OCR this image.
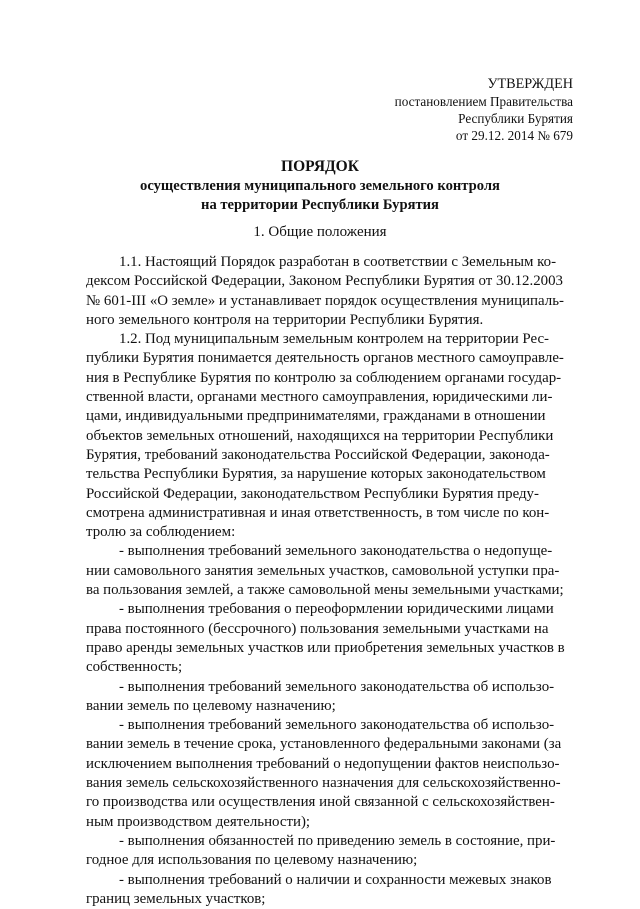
УТВЕРЖДЕН
постановлением Правительства
Республики Бурятия
от 29.12. 2014 № 679
ПОРЯДОК
осуществления муниципального земельного контроля
на территории Республики Бурятия
1. Общие положения

1.1. Настоящий Порядок разработан в соответствии с Земельным ко-
дексом Российской Федерации, Законом Республики Бурятия от 30.12.2003
№ 601-III «О земле» и устанавливает порядок осуществления муниципаль-
ного земельного контроля на территории Республики Бурятия.

1.2. Под муниципальным земельным контролем на территории Рес-
публики Бурятия понимается деятельность органов местного самоуправле-
ния в Республике Бурятия по контролю за соблюдением органами государ-
ственной власти, органами местного самоуправления, юридическими ли-
цами, индивидуальными предпринимателями, гражданами в отношении
объектов земельных отношений, находящихся на территории Республики
Бурятия, требований законодательства Российской Федерации, законода-
тельства Республики Бурятия, за нарушение которых законодательством
Российской Федерации, законодательством Республики Бурятия преду-
смотрена административная и иная ответственность, в том числе по кон-
тролю за соблюдением:

- выполнения требований земельного законодательства о недопуще-
нии самовольного занятия земельных участков, самовольной уступки пра-
ва пользования землей, а также самовольной мены земельными участками;

- выполнения требования о переоформлении юридическими лицами
права постоянного (бессрочного) пользования земельными участками на
право аренды земельных участков или приобретения земельных участков в
собственность;

- выполнения требований земельного законодательства об использо-
вании земель по целевому назначению;

- выполнения требований земельного законодательства об использо-
вании земель в течение срока, установленного федеральными законами (за
исключением выполнения требований о недопущении фактов неиспользо-
вания земель сельскохозяйственного назначения для сельскохозяйственно-
го производства или осуществления иной связанной с сельскохозяйствен-
ным производством деятельности);

- выполнения обязанностей по приведению земель в состояние, при-
годное для использования по целевому назначению;

- выполнения требований о наличии и сохранности межевых знаков
границ земельных участков;
